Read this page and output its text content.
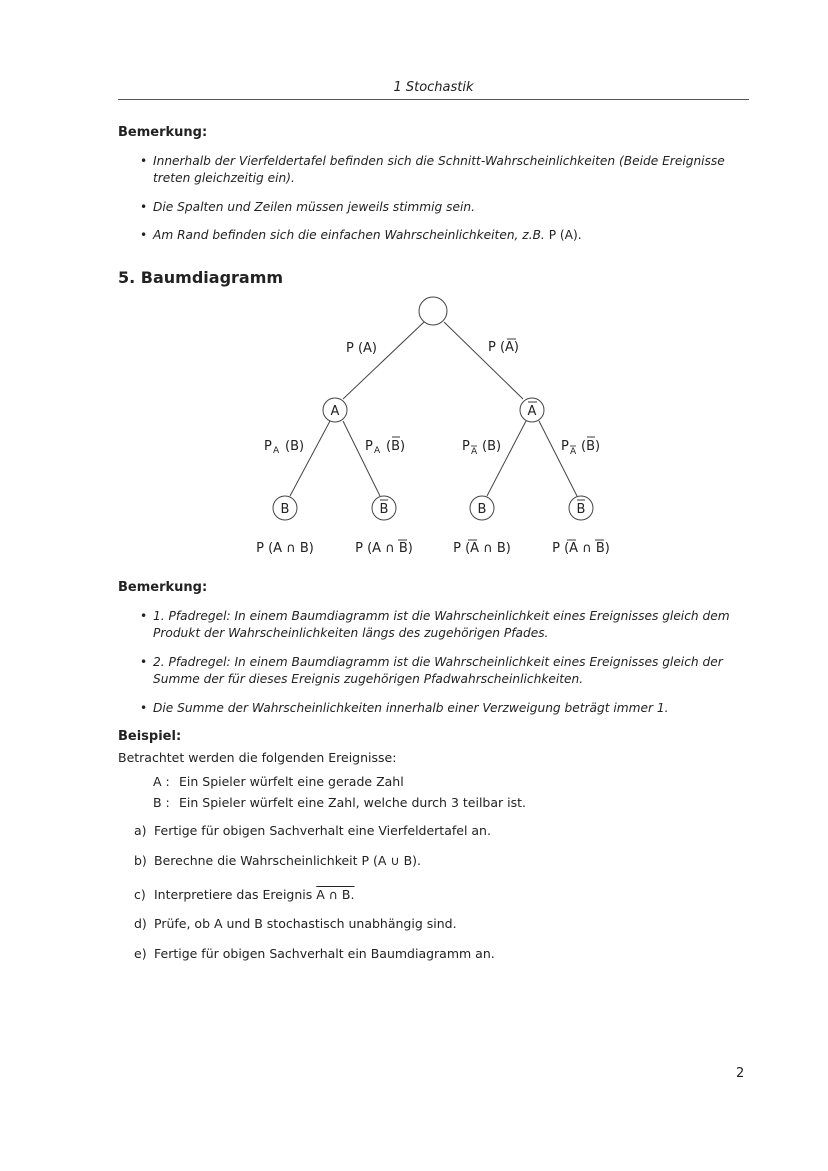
1 Stochastik
Bemerkung:
• Innerhalb der Vierfeldertafel befinden sich die Schnitt-Wahrscheinlichkeiten (Beide Ereignisse treten gleichzeitig ein).
• Die Spalten und Zeilen müssen jeweils stimmig sein.
• Am Rand befinden sich die einfachen Wahrscheinlichkeiten, z.B. P (A).
5. Baumdiagramm
A	A
P (A)	P (A)
P A (B)	P A (B)	P A (B)	P A (B)
B	B	B	B
P (A ∩ B)	P (A ∩ B)	P (A ∩ B)	P (A ∩ B)
Bemerkung:
• 1. Pfadregel: In einem Baumdiagramm ist die Wahrscheinlichkeit eines Ereignisses gleich dem Produkt der Wahrscheinlichkeiten längs des zugehörigen Pfades.
• 2. Pfadregel: In einem Baumdiagramm ist die Wahrscheinlichkeit eines Ereignisses gleich der Summe der für dieses Ereignis zugehörigen Pfadwahrscheinlichkeiten.
• Die Summe der Wahrscheinlichkeiten innerhalb einer Verzweigung beträgt immer 1.
Beispiel:
Betrachtet werden die folgenden Ereignisse:
A : Ein Spieler würfelt eine gerade Zahl
B : Ein Spieler würfelt eine Zahl, welche durch 3 teilbar ist.
a) Fertige für obigen Sachverhalt eine Vierfeldertafel an.
b) Berechne die Wahrscheinlichkeit P (A ∪ B).
c) Interpretiere das Ereignis A ∩ B.
d) Prüfe, ob A und B stochastisch unabhängig sind.
e) Fertige für obigen Sachverhalt ein Baumdiagramm an.
2
